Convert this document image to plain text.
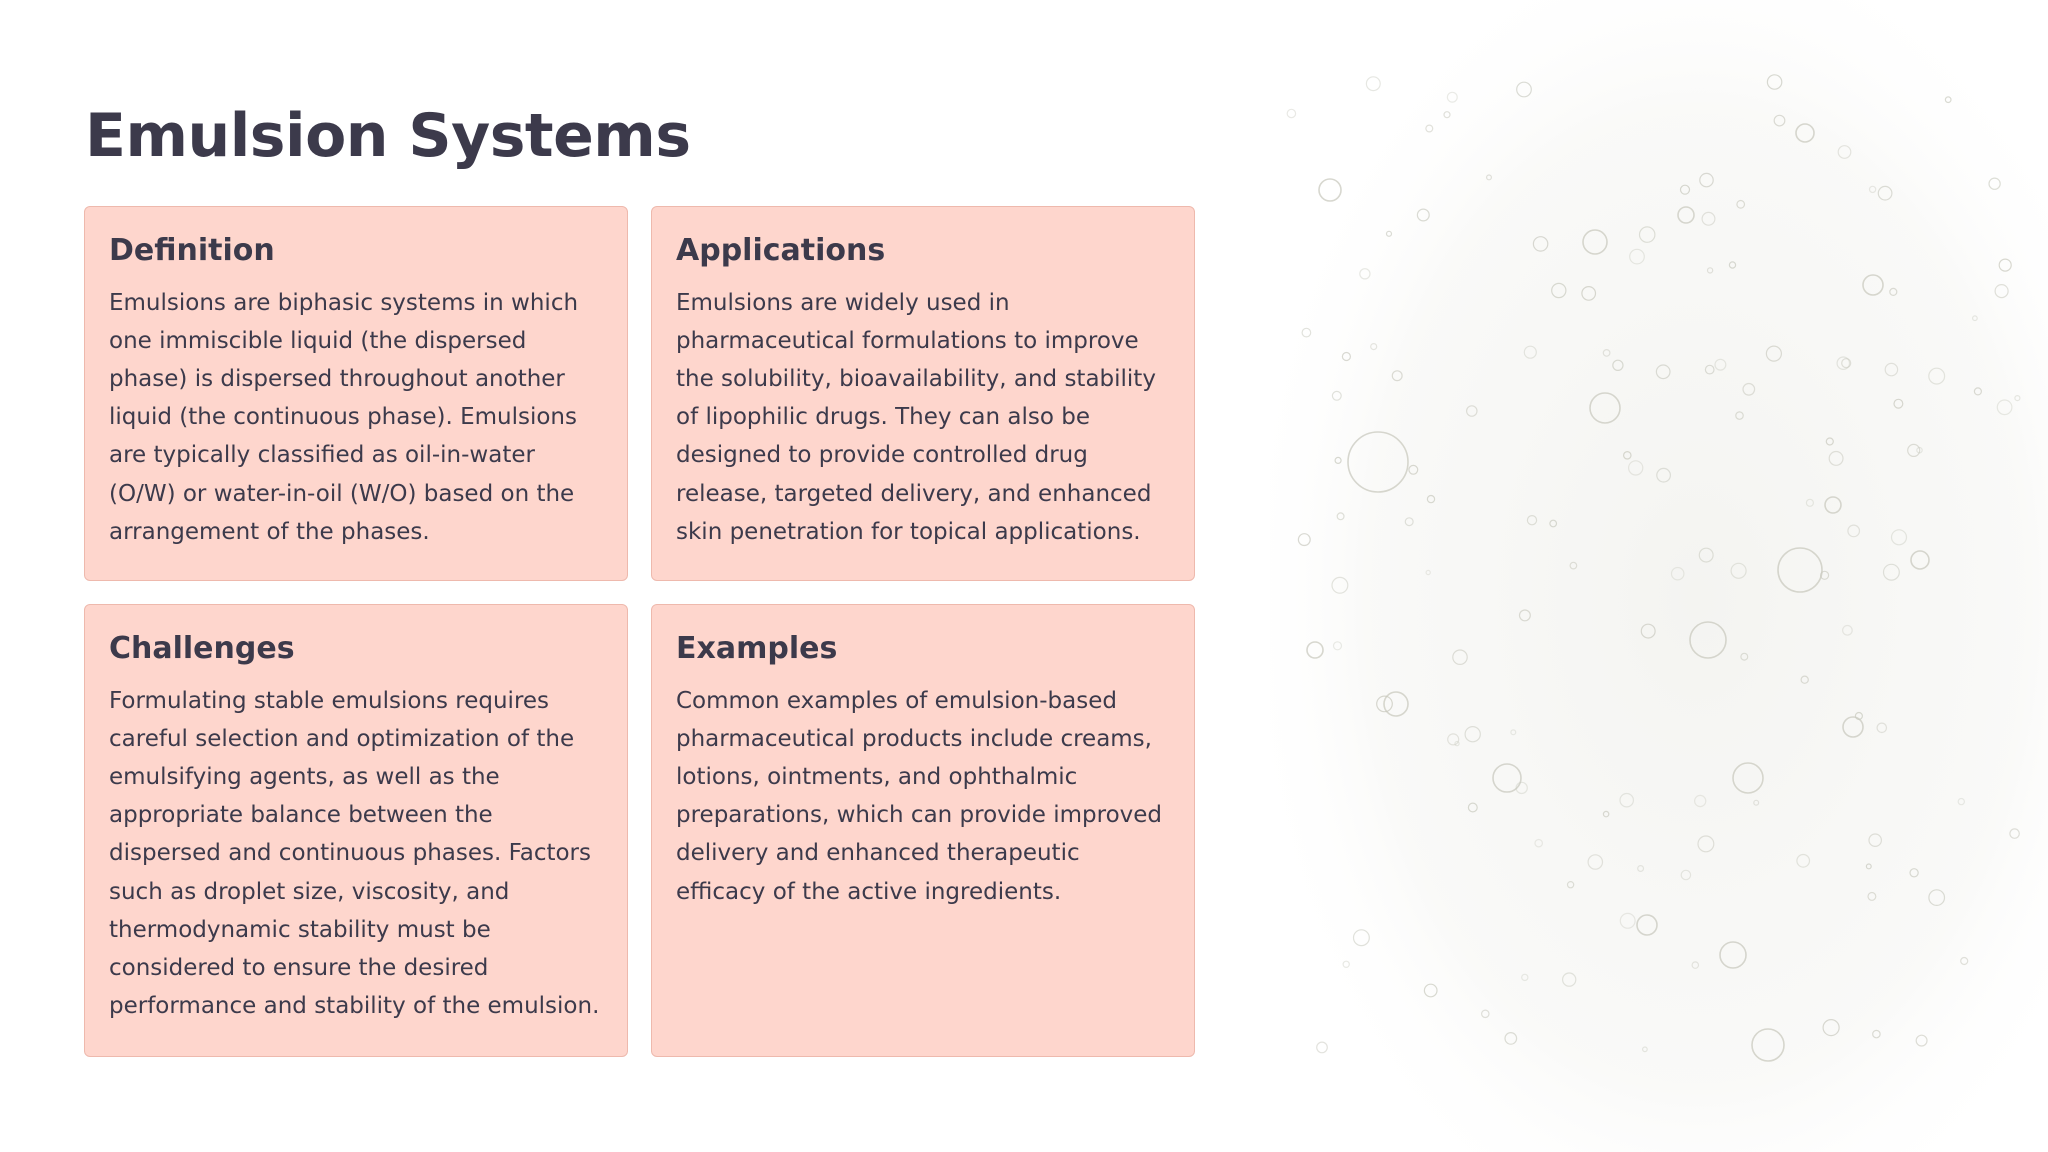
Emulsion Systems
Definition

Emulsions are biphasic systems in which one immiscible liquid (the dispersed phase) is dispersed throughout another liquid (the continuous phase). Emulsions are typically classified as oil-in-water (O/W) or water-in-oil (W/O) based on the arrangement of the phases.

Applications

Emulsions are widely used in pharmaceutical formulations to improve the solubility, bioavailability, and stability of lipophilic drugs. They can also be designed to provide controlled drug release, targeted delivery, and enhanced skin penetration for topical applications.

Challenges

Formulating stable emulsions requires careful selection and optimization of the emulsifying agents, as well as the appropriate balance between the dispersed and continuous phases. Factors such as droplet size, viscosity, and thermodynamic stability must be considered to ensure the desired performance and stability of the emulsion.

Examples

Common examples of emulsion-based pharmaceutical products include creams, lotions, ointments, and ophthalmic preparations, which can provide improved delivery and enhanced therapeutic efficacy of the active ingredients.
